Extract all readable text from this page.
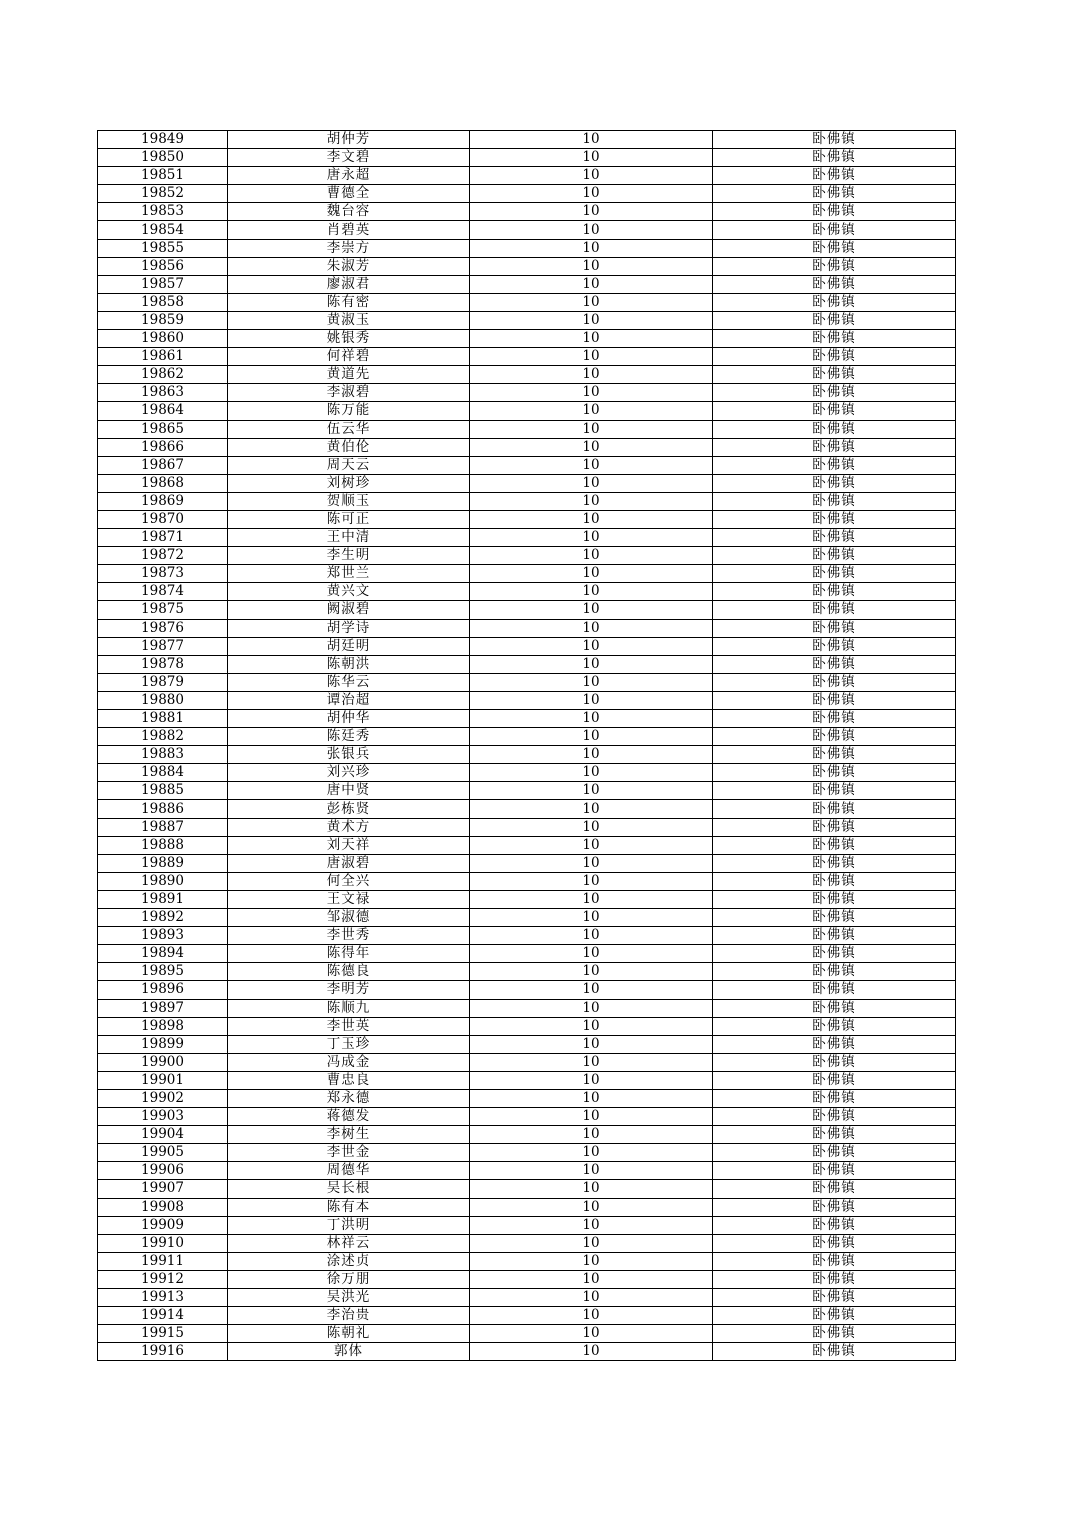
19849	胡仲芳	10	卧佛镇
19850	李文碧	10	卧佛镇
19851	唐永超	10	卧佛镇
19852	曹德全	10	卧佛镇
19853	魏台容	10	卧佛镇
19854	肖碧英	10	卧佛镇
19855	李崇方	10	卧佛镇
19856	朱淑芳	10	卧佛镇
19857	廖淑君	10	卧佛镇
19858	陈有密	10	卧佛镇
19859	黄淑玉	10	卧佛镇
19860	姚银秀	10	卧佛镇
19861	何祥碧	10	卧佛镇
19862	黄道先	10	卧佛镇
19863	李淑碧	10	卧佛镇
19864	陈万能	10	卧佛镇
19865	伍云华	10	卧佛镇
19866	黄伯伦	10	卧佛镇
19867	周天云	10	卧佛镇
19868	刘树珍	10	卧佛镇
19869	贺顺玉	10	卧佛镇
19870	陈可正	10	卧佛镇
19871	王中清	10	卧佛镇
19872	李生明	10	卧佛镇
19873	郑世兰	10	卧佛镇
19874	黄兴文	10	卧佛镇
19875	阙淑碧	10	卧佛镇
19876	胡学诗	10	卧佛镇
19877	胡廷明	10	卧佛镇
19878	陈朝洪	10	卧佛镇
19879	陈华云	10	卧佛镇
19880	谭治超	10	卧佛镇
19881	胡仲华	10	卧佛镇
19882	陈廷秀	10	卧佛镇
19883	张银兵	10	卧佛镇
19884	刘兴珍	10	卧佛镇
19885	唐中贤	10	卧佛镇
19886	彭栋贤	10	卧佛镇
19887	黄术方	10	卧佛镇
19888	刘天祥	10	卧佛镇
19889	唐淑碧	10	卧佛镇
19890	何全兴	10	卧佛镇
19891	王文禄	10	卧佛镇
19892	邹淑德	10	卧佛镇
19893	李世秀	10	卧佛镇
19894	陈得年	10	卧佛镇
19895	陈德良	10	卧佛镇
19896	李明芳	10	卧佛镇
19897	陈顺九	10	卧佛镇
19898	李世英	10	卧佛镇
19899	丁玉珍	10	卧佛镇
19900	冯成金	10	卧佛镇
19901	曹忠良	10	卧佛镇
19902	郑永德	10	卧佛镇
19903	蒋德发	10	卧佛镇
19904	李树生	10	卧佛镇
19905	李世金	10	卧佛镇
19906	周德华	10	卧佛镇
19907	吴长根	10	卧佛镇
19908	陈有本	10	卧佛镇
19909	丁洪明	10	卧佛镇
19910	林祥云	10	卧佛镇
19911	涂述贞	10	卧佛镇
19912	徐万朋	10	卧佛镇
19913	吴洪光	10	卧佛镇
19914	李治贵	10	卧佛镇
19915	陈朝礼	10	卧佛镇
19916	郭体	10	卧佛镇
